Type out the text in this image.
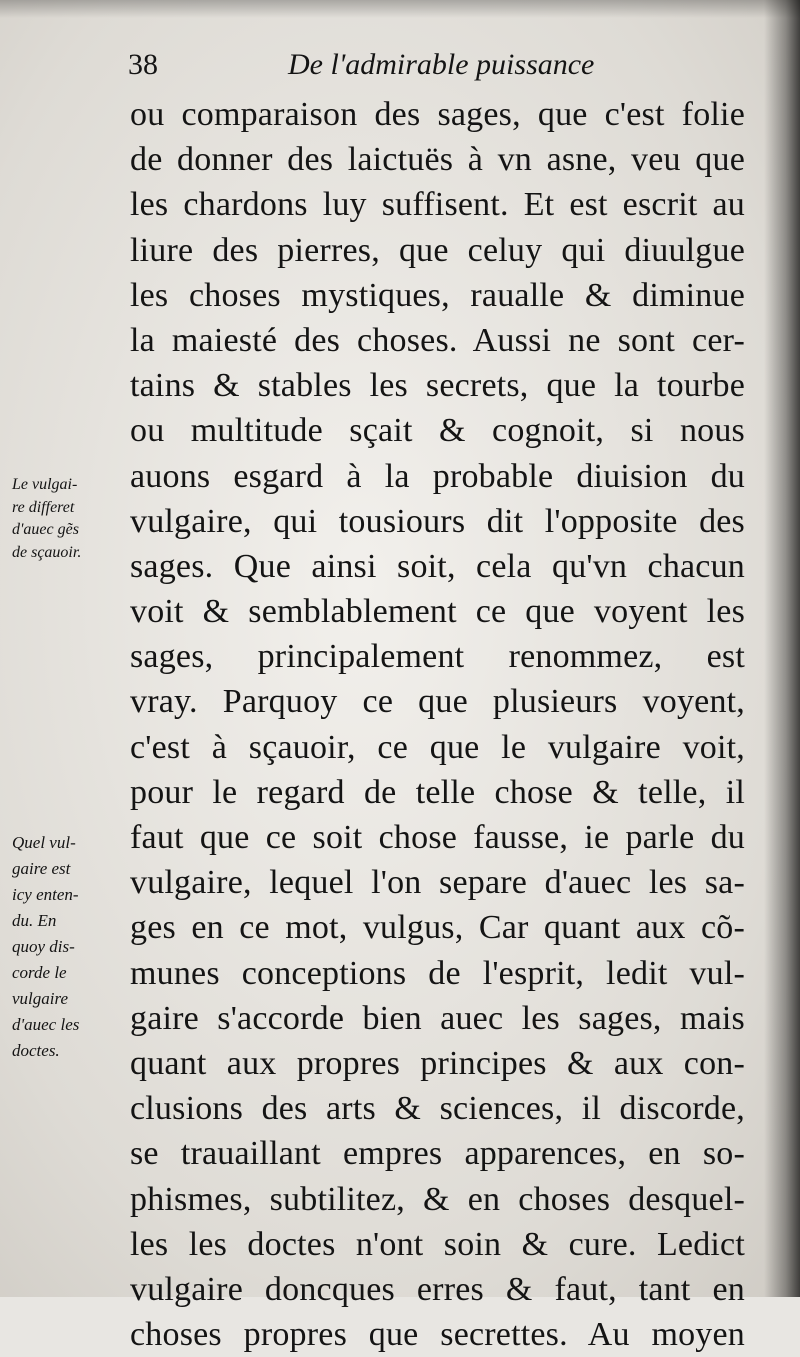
38	De l'admirable puissance
ou comparaison des sages, que c'est folie
de donner des laictuës à vn asne, veu que
les chardons luy suffisent. Et est escrit au
liure des pierres, que celuy qui diuulgue
les choses mystiques, raualle & diminue
la maiesté des choses. Aussi ne sont cer-
tains & stables les secrets, que la tourbe
ou multitude sçait & cognoit, si nous
auons esgard à la probable diuision du
vulgaire, qui tousiours dit l'opposite des
sages. Que ainsi soit, cela qu'vn chacun
voit & semblablement ce que voyent les
sages, principalement renommez, est
vray. Parquoy ce que plusieurs voyent,
c'est à sçauoir, ce que le vulgaire voit,
pour le regard de telle chose & telle, il
faut que ce soit chose fausse, ie parle du
vulgaire, lequel l'on separe d'auec les sa-
ges en ce mot, vulgus, Car quant aux cõ-
munes conceptions de l'esprit, ledit vul-
gaire s'accorde bien auec les sages, mais
quant aux propres principes & aux con-
clusions des arts & sciences, il discorde,
se trauaillant empres apparences, en so-
phismes, subtilitez, & en choses desquel-
les les doctes n'ont soin & cure. Ledict
vulgaire doncques erres & faut, tant en
choses propres que secrettes. Au moyen
Le vulgai-
re differet
d'auec gẽs
de sçauoir.
Quel vul-
gaire est
icy enten-
du. En
quoy dis-
corde le
vulgaire
d'auec les
doctes.
